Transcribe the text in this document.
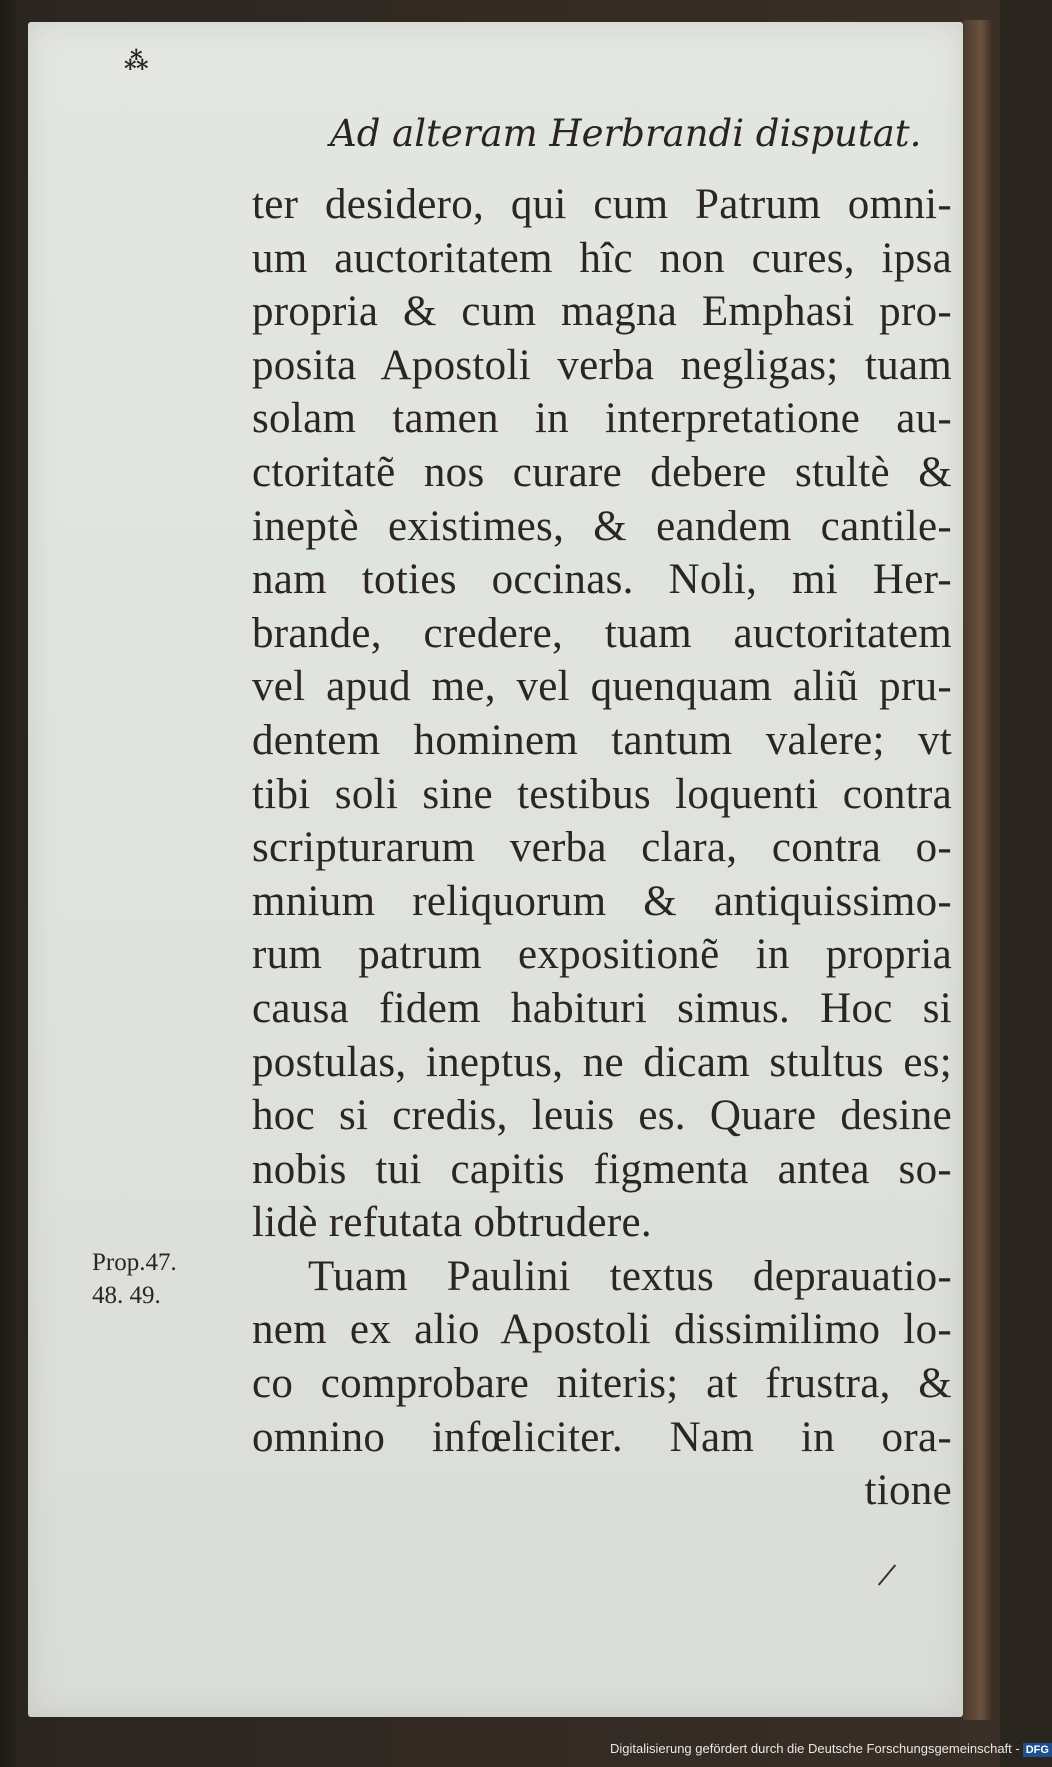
⁂
Ad alteram Herbrandi disputat.
ter desidero, qui cum Patrum omni-
um auctoritatem hîc non cures, ipsa
propria & cum magna Emphasi pro-
posita Apostoli verba negligas; tuam
solam tamen in interpretatione au-
ctoritatẽ nos curare debere stultè &
ineptè existimes, & eandem cantile-
nam toties occinas. Noli, mi Her-
brande, credere, tuam auctoritatem
vel apud me, vel quenquam aliũ pru-
dentem hominem tantum valere; vt
tibi soli sine testibus loquenti contra
scripturarum verba clara, contra o-
mnium reliquorum & antiquissimo-
rum patrum expositionẽ in propria
causa fidem habituri simus. Hoc si
postulas, ineptus, ne dicam stultus es;
hoc si credis, leuis es. Quare desine
nobis tui capitis figmenta antea so-
lidè refutata obtrudere.
Tuam Paulini textus deprauatio-
nem ex alio Apostoli dissimilimo lo-
co comprobare niteris; at frustra, &
omnino infœliciter. Nam in ora-
tione
Prop.47.
48. 49.
Digitalisierung gefördert durch die Deutsche Forschungsgemeinschaft - DFG
